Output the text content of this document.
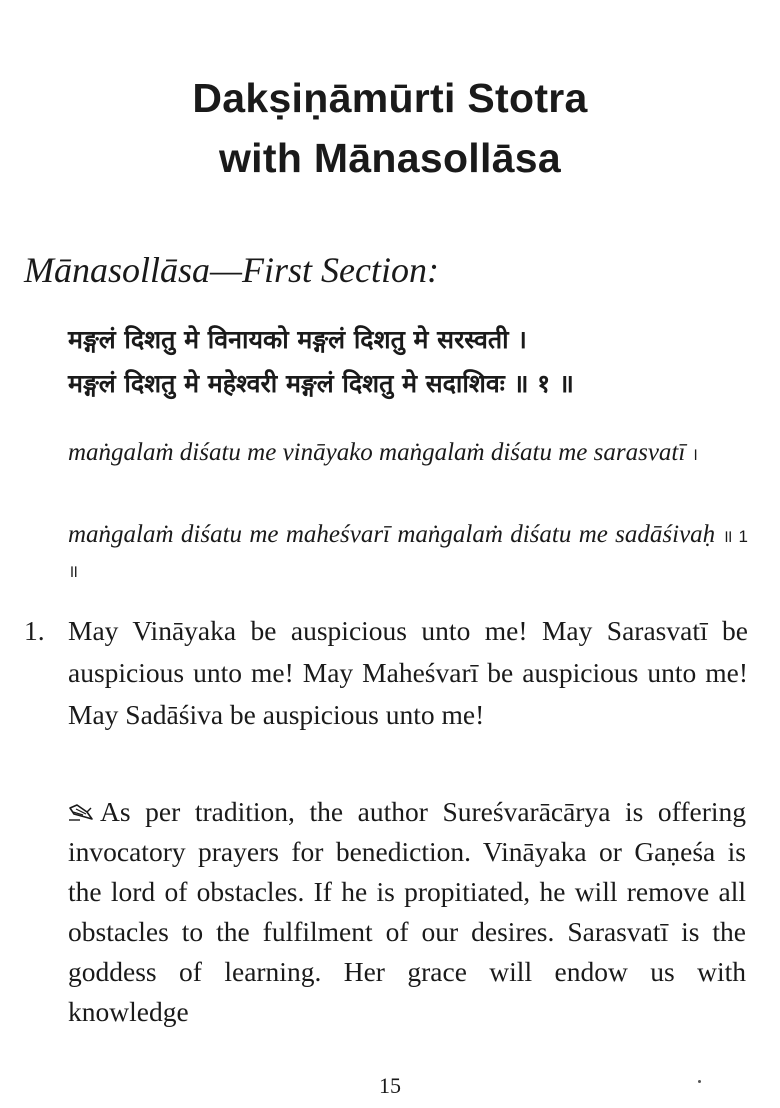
Dakṣiṇāmūrti Stotra
with Mānasollāsa
Mānasollāsa—First Section:
मङ्गलं दिशतु मे विनायको मङ्गलं दिशतु मे सरस्वती ।
मङ्गलं दिशतु मे महेश्वरी मङ्गलं दिशतु मे सदाशिवः ॥ १ ॥
maṅgalaṁ diśatu me vināyako maṅgalaṁ diśatu me sarasvatī ।
maṅgalaṁ diśatu me maheśvarī maṅgalaṁ diśatu me sadāśivaḥ ॥ 1 ॥
1. May Vināyaka be auspicious unto me! May Sarasvatī be auspicious unto me! May Maheśvarī be auspicious unto me! May Sadāśiva be auspicious unto me!
As per tradition, the author Sureśvarācārya is offering invocatory prayers for benediction. Vināyaka or Gaṇeśa is the lord of obstacles. If he is propitiated, he will remove all obstacles to the fulfilment of our desires. Sarasvatī is the goddess of learning. Her grace will endow us with knowledge
15
